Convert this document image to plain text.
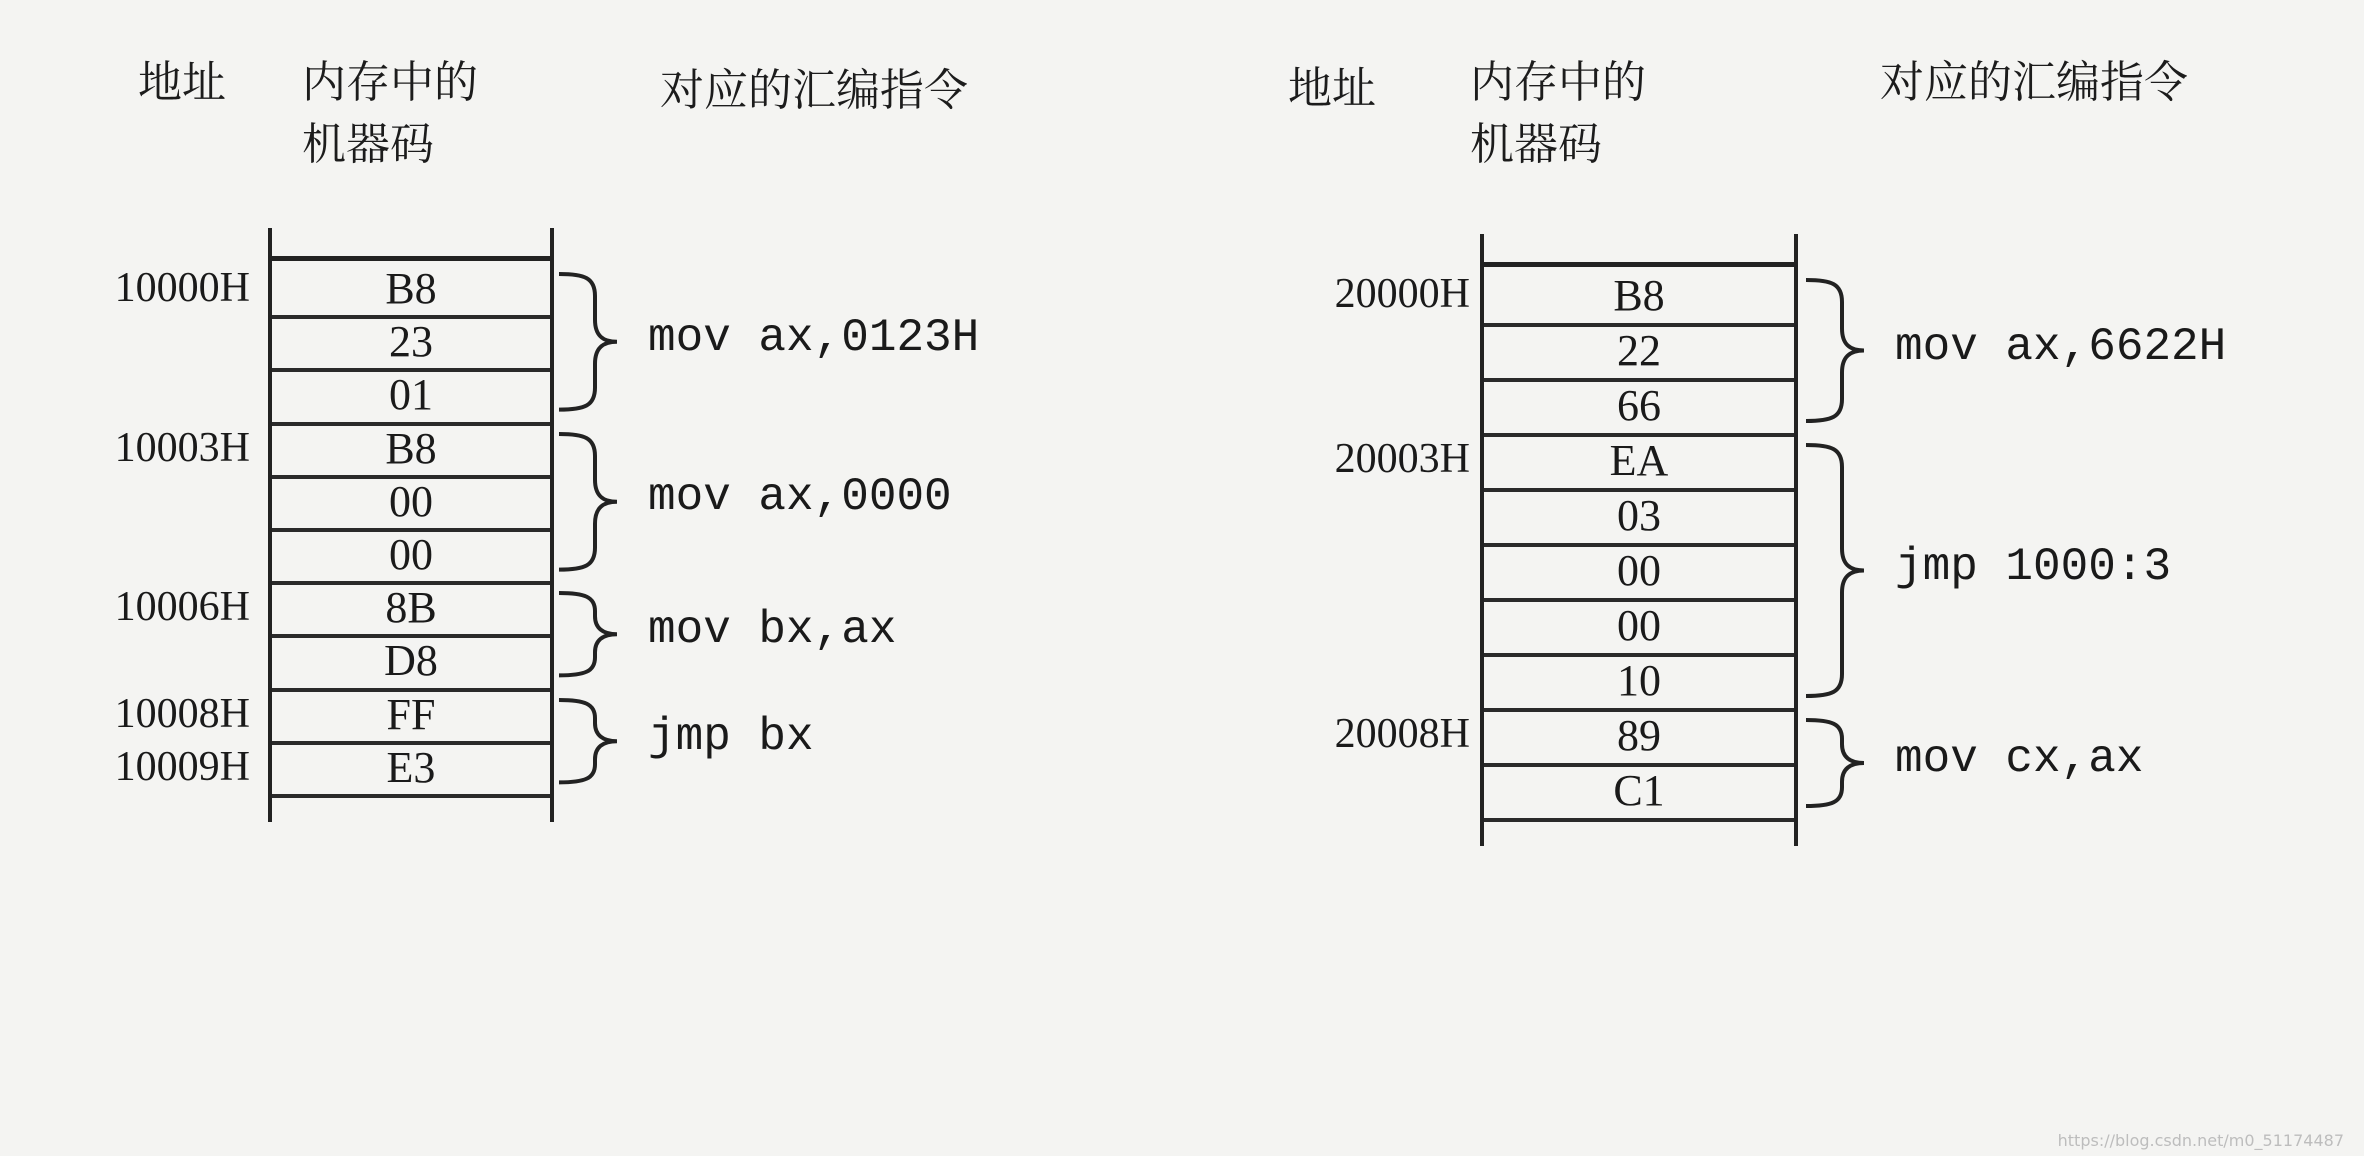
地址 内存中的
机器码
对应的汇编指令
B8
23
01
B8
00
00
8B
D8
FF
E3
10000H
10003H
10006H
10008H
10009H
mov ax,0123H
mov ax,0000
mov bx,ax
jmp bx
地址 内存中的
机器码
对应的汇编指令
B8
22
66
EA
03
00
00
10
89
C1
20000H
20003H
20008H
mov ax,6622H
jmp 1000:3
mov cx,ax
https://blog.csdn.net/m0_51174487
